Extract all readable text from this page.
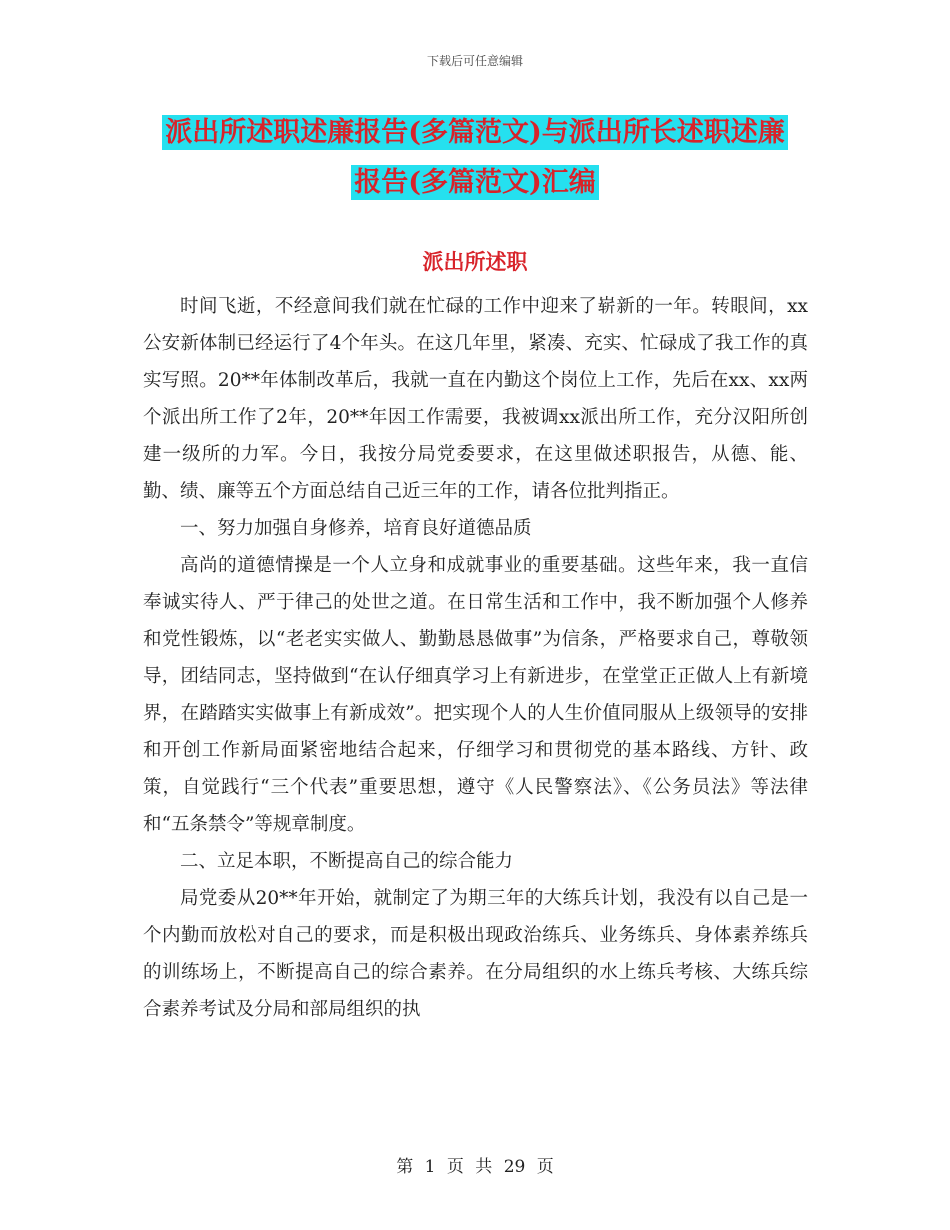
下载后可任意编辑
派出所述职述廉报告(多篇范文)与派出所长述职述廉
报告(多篇范文)汇编
派出所述职

时间飞逝，不经意间我们就在忙碌的工作中迎来了崭新的一年。转眼间，xx公安新体制已经运行了4个年头。在这几年里，紧凑、充实、忙碌成了我工作的真实写照。20**年体制改革后，我就一直在内勤这个岗位上工作，先后在xx、xx两个派出所工作了2年，20**年因工作需要，我被调xx派出所工作，充分汉阳所创建一级所的力军。今日，我按分局党委要求，在这里做述职报告，从德、能、勤、绩、廉等五个方面总结自己近三年的工作，请各位批判指正。

一、努力加强自身修养，培育良好道德品质

高尚的道德情操是一个人立身和成就事业的重要基础。这些年来，我一直信奉诚实待人、严于律己的处世之道。在日常生活和工作中，我不断加强个人修养和党性锻炼，以“老老实实做人、勤勤恳恳做事”为信条，严格要求自己，尊敬领导，团结同志，坚持做到“在认仔细真学习上有新进步，在堂堂正正做人上有新境界，在踏踏实实做事上有新成效”。把实现个人的人生价值同服从上级领导的安排和开创工作新局面紧密地结合起来，仔细学习和贯彻党的基本路线、方针、政策，自觉践行“三个代表”重要思想，遵守《人民警察法》、《公务员法》等法律和“五条禁令”等规章制度。

二、立足本职，不断提高自己的综合能力

局党委从20**年开始，就制定了为期三年的大练兵计划，我没有以自己是一个内勤而放松对自己的要求，而是积极出现政治练兵、业务练兵、身体素养练兵的训练场上，不断提高自己的综合素养。在分局组织的水上练兵考核、大练兵综合素养考试及分局和部局组织的执

第 1 页 共 29 页
